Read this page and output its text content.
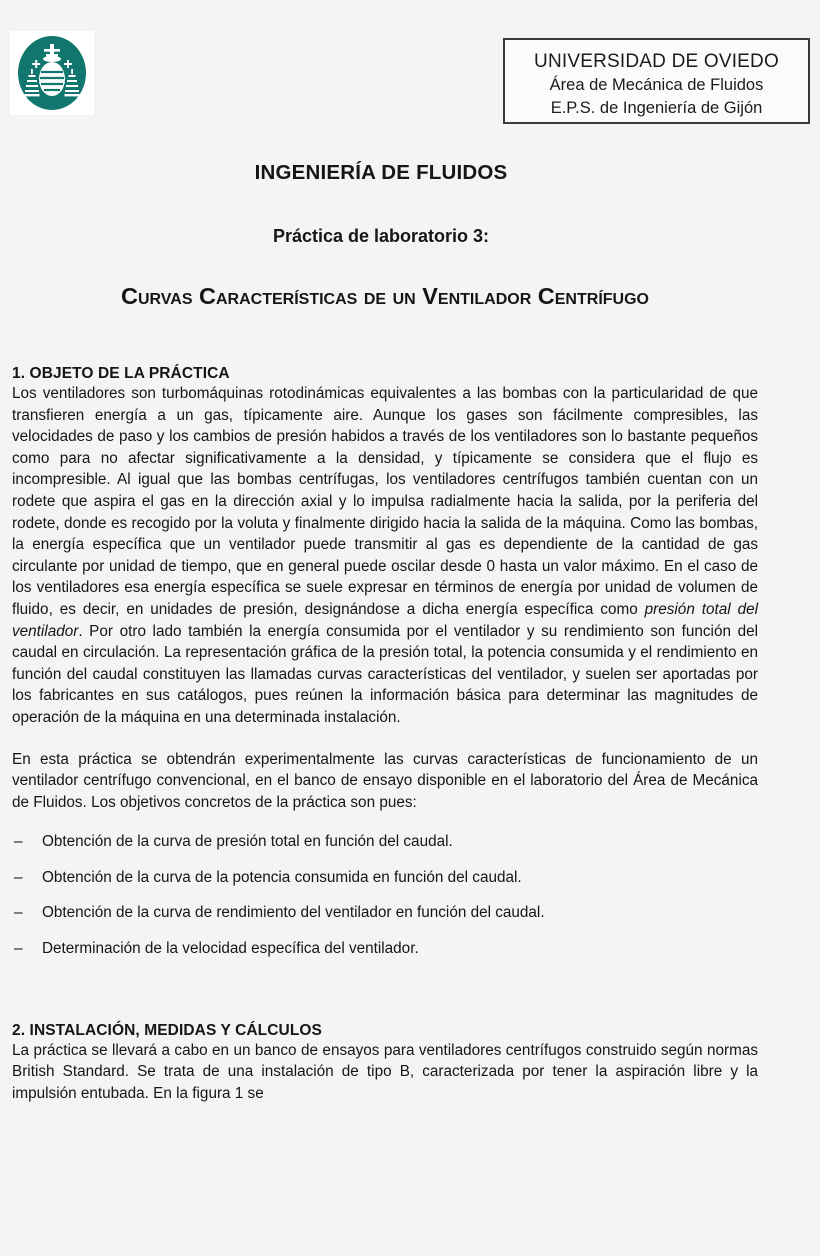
UNIVERSIDAD DE OVIEDO
Área de Mecánica de Fluidos
E.P.S. de Ingeniería de Gijón
INGENIERÍA DE FLUIDOS
Práctica de laboratorio 3:
Curvas Características de un Ventilador Centrífugo
1. OBJETO DE LA PRÁCTICA

Los ventiladores son turbomáquinas rotodinámicas equivalentes a las bombas con la particularidad de que transfieren energía a un gas, típicamente aire. Aunque los gases son fácilmente compresibles, las velocidades de paso y los cambios de presión habidos a través de los ventiladores son lo bastante pequeños como para no afectar significativamente a la densidad, y típicamente se considera que el flujo es incompresible. Al igual que las bombas centrífugas, los ventiladores centrífugos también cuentan con un rodete que aspira el gas en la dirección axial y lo impulsa radialmente hacia la salida, por la periferia del rodete, donde es recogido por la voluta y finalmente dirigido hacia la salida de la máquina. Como las bombas, la energía específica que un ventilador puede transmitir al gas es dependiente de la cantidad de gas circulante por unidad de tiempo, que en general puede oscilar desde 0 hasta un valor máximo. En el caso de los ventiladores esa energía específica se suele expresar en términos de energía por unidad de volumen de fluido, es decir, en unidades de presión, designándose a dicha energía específica como presión total del ventilador. Por otro lado también la energía consumida por el ventilador y su rendimiento son función del caudal en circulación. La representación gráfica de la presión total, la potencia consumida y el rendimiento en función del caudal constituyen las llamadas curvas características del ventilador, y suelen ser aportadas por los fabricantes en sus catálogos, pues reúnen la información básica para determinar las magnitudes de operación de la máquina en una determinada instalación.

En esta práctica se obtendrán experimentalmente las curvas características de funcionamiento de un ventilador centrífugo convencional, en el banco de ensayo disponible en el laboratorio del Área de Mecánica de Fluidos. Los objetivos concretos de la práctica son pues:

– Obtención de la curva de presión total en función del caudal.
– Obtención de la curva de la potencia consumida en función del caudal.
– Obtención de la curva de rendimiento del ventilador en función del caudal.
– Determinación de la velocidad específica del ventilador.
2. INSTALACIÓN, MEDIDAS Y CÁLCULOS

La práctica se llevará a cabo en un banco de ensayos para ventiladores centrífugos construido según normas British Standard. Se trata de una instalación de tipo B, caracterizada por tener la aspiración libre y la impulsión entubada. En la figura 1 se
